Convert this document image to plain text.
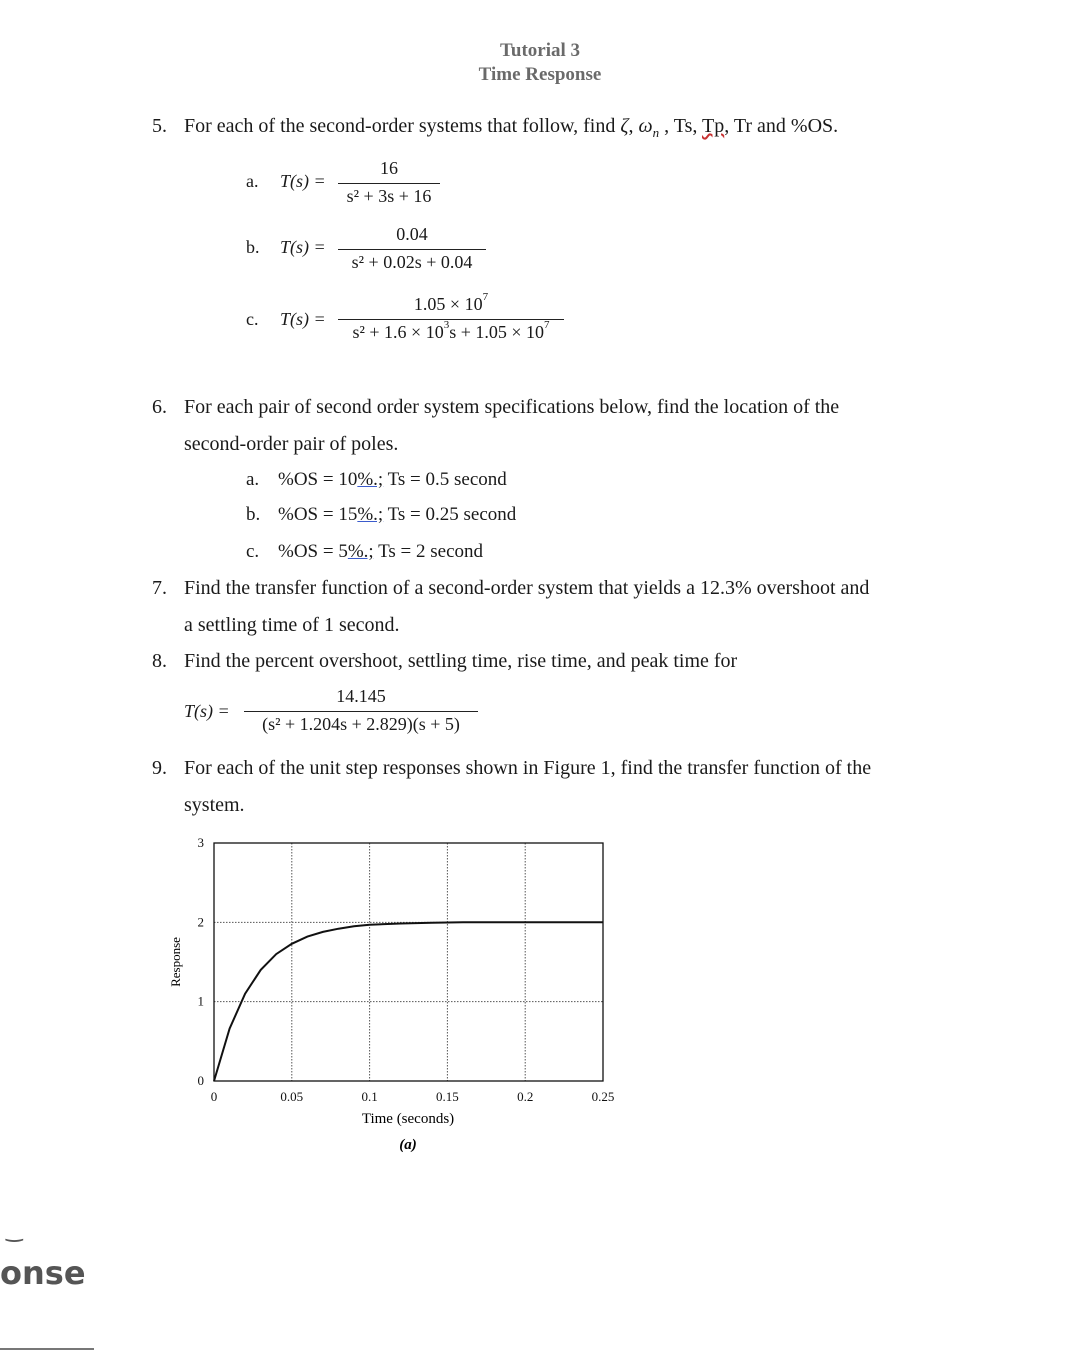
Tutorial 3
Time Response
5. For each of the second-order systems that follow, find ζ, $\omega_n$ , Ts, Tp, Tr and %OS.
a. T(s) =
16
s² + 3s + 16
b. T(s) =
0.04
s² + 0.02s + 0.04
c. T(s) =
$1.05 \times 10^7$
$s^2 + 1.6 \times 10^3s + 1.05 \times 10^7$
6. For each pair of second order system specifications below, find the location of the
second-order pair of poles.
a. %OS = 10%.; Ts = 0.5 second
b. %OS = 15%.; Ts = 0.25 second
c. %OS = 5%.; Ts = 2 second
7. Find the transfer function of a second-order system that yields a 12.3% overshoot and
a settling time of 1 second.
8. Find the percent overshoot, settling time, rise time, and peak time for
T(s) =
14.145
(s² + 1.204s + 2.829)(s + 5)
9. For each of the unit step responses shown in Figure 1, find the transfer function of the
system.
0	0.05	0.1	0.15	0.2	0.25
0
1
2
3
Response
Time (seconds)
(a)
‿
onse
